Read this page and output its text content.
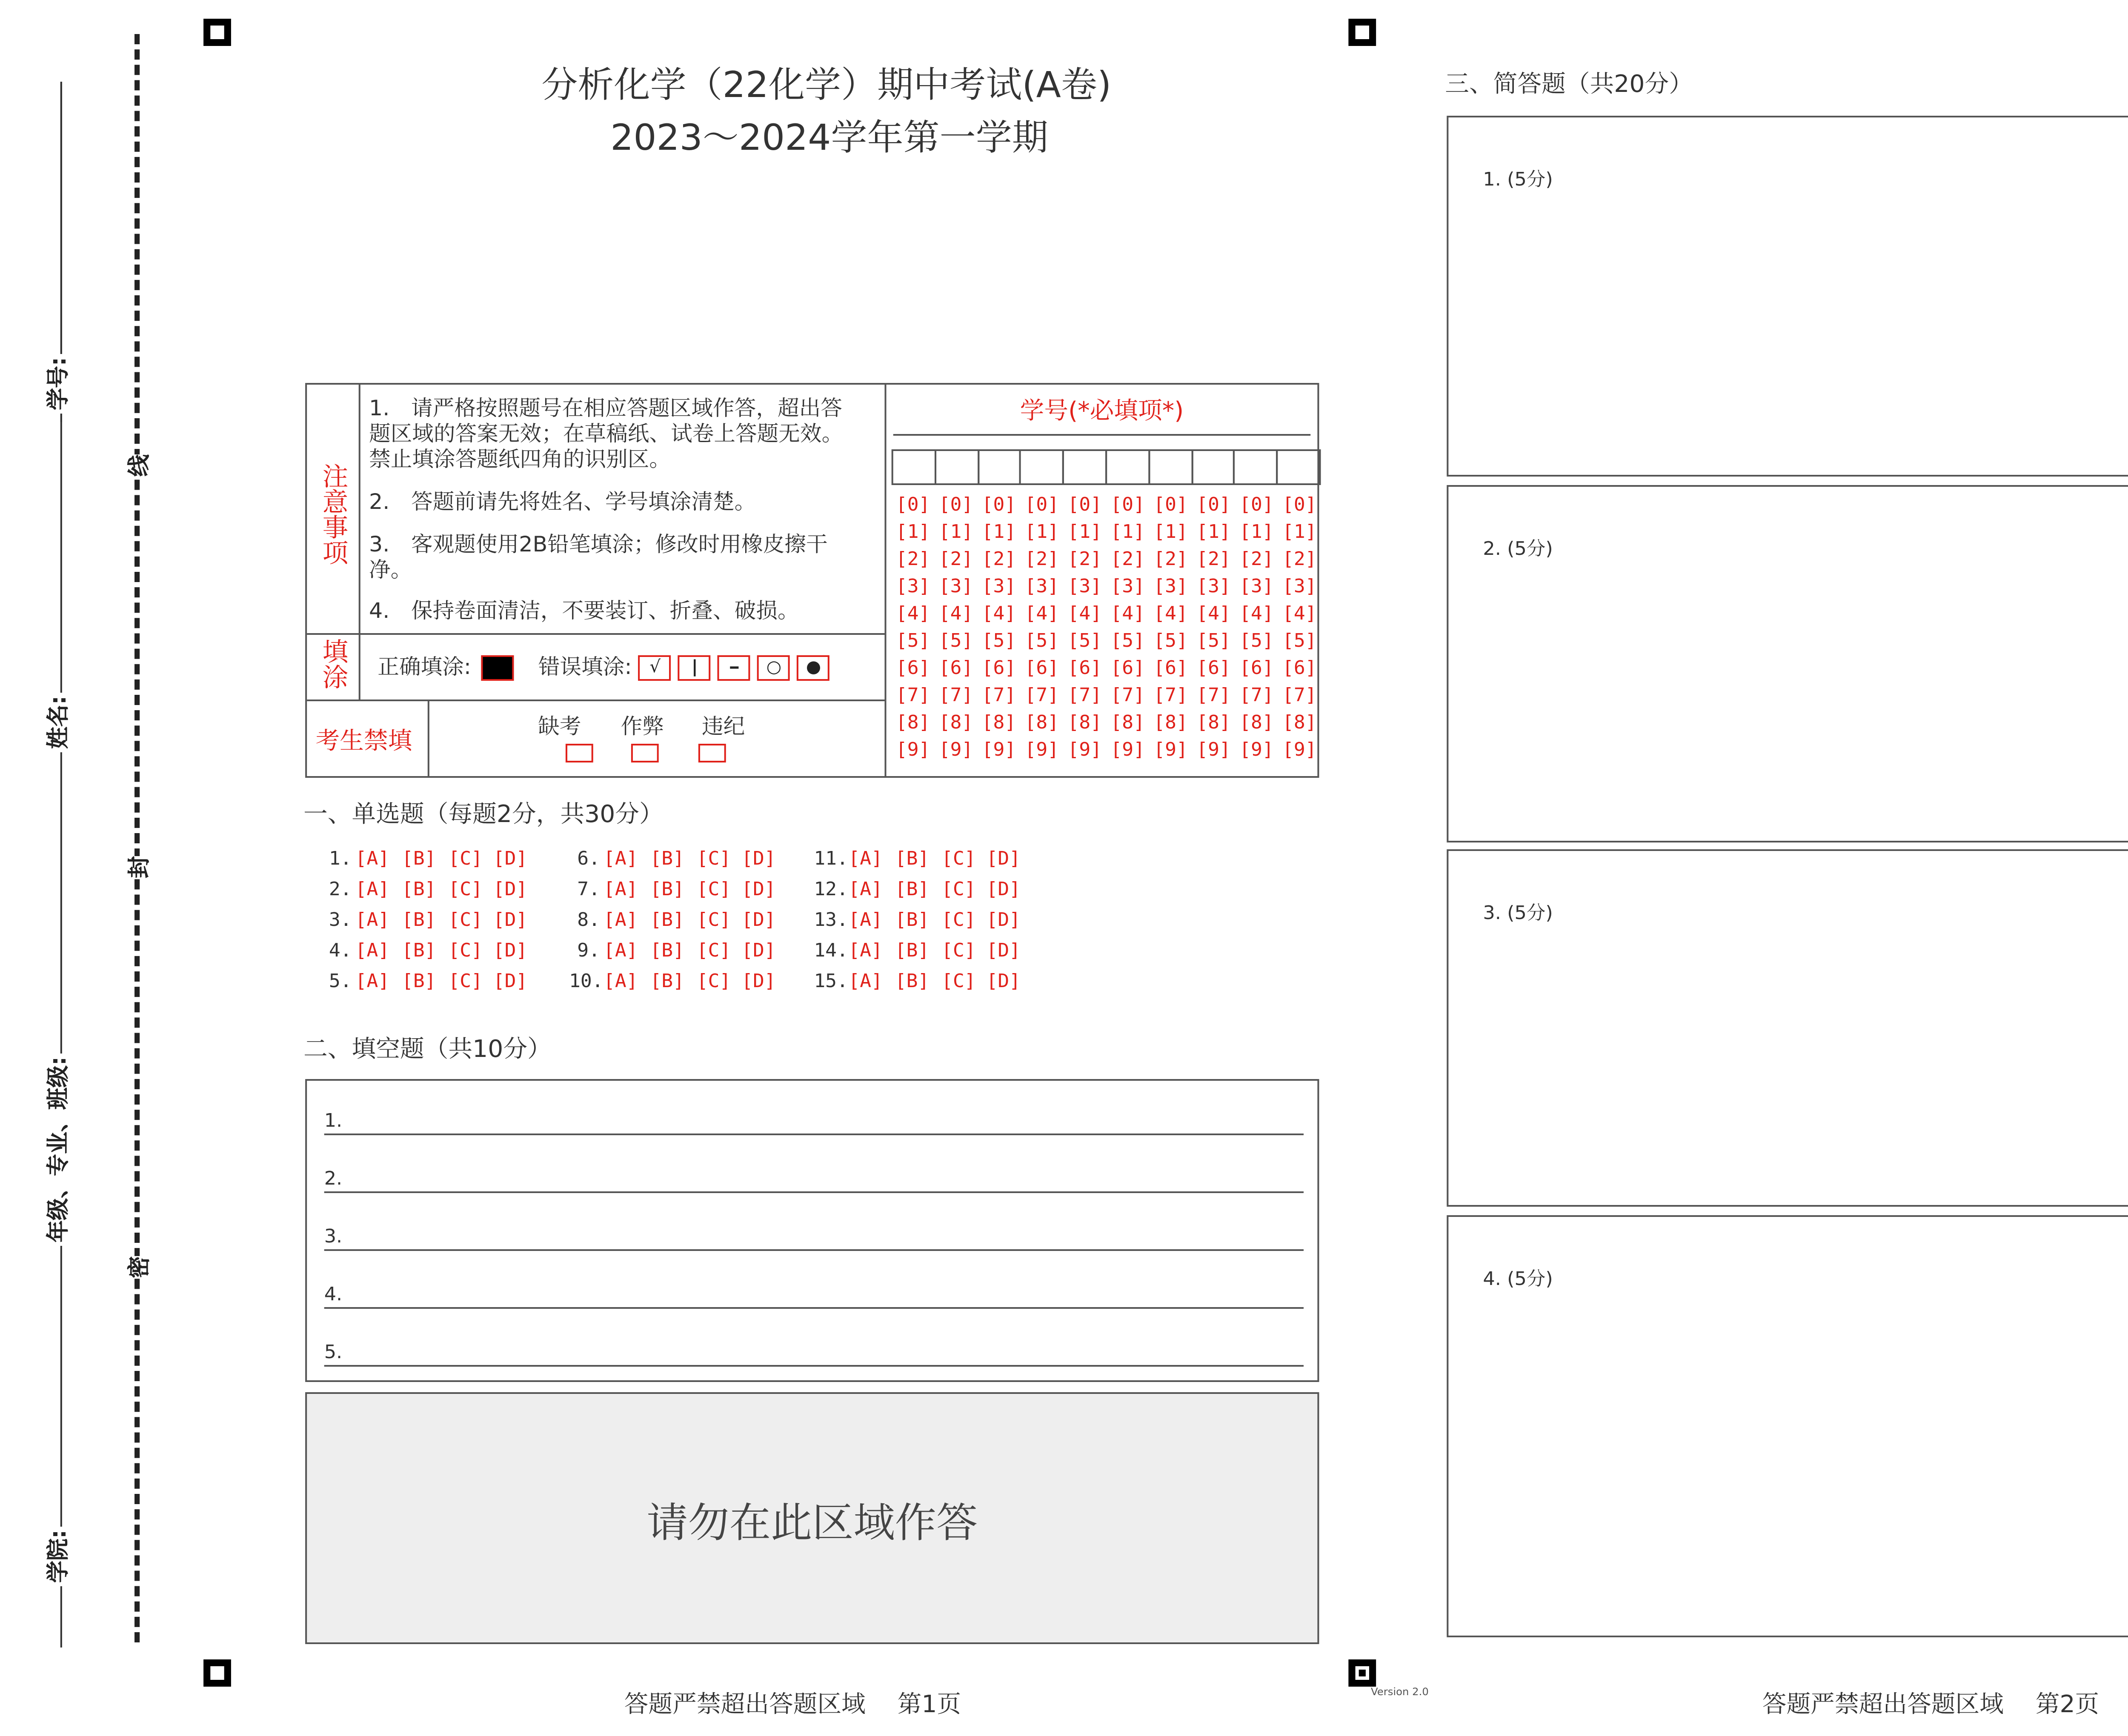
学号:
姓名:
年级、专业、班级:
学院:
线
封
密
分析化学（22化学）期中考试(A卷)
2023～2024学年第一学期
注意事项
1.　请严格按照题号在相应答题区域作答，超出答题区域的答案无效；在草稿纸、试卷上答题无效。禁止填涂答题纸四角的识别区。
2.　答题前请先将姓名、学号填涂清楚。
3.　客观题使用2B铅笔填涂；修改时用橡皮擦干净。
4.　保持卷面清洁，不要装订、折叠、破损。
填涂	正确填涂:	错误填涂:	√	|	━	○	●
考生禁填
缺考	作弊	违纪
学号(*必填项*)
[0]	[0]	[0]	[0]	[0]	[0]	[0]	[0]	[0]	[0]
[1]	[1]	[1]	[1]	[1]	[1]	[1]	[1]	[1]	[1]
[2]	[2]	[2]	[2]	[2]	[2]	[2]	[2]	[2]	[2]
[3]	[3]	[3]	[3]	[3]	[3]	[3]	[3]	[3]	[3]
[4]	[4]	[4]	[4]	[4]	[4]	[4]	[4]	[4]	[4]
[5]	[5]	[5]	[5]	[5]	[5]	[5]	[5]	[5]	[5]
[6]	[6]	[6]	[6]	[6]	[6]	[6]	[6]	[6]	[6]
[7]	[7]	[7]	[7]	[7]	[7]	[7]	[7]	[7]	[7]
[8]	[8]	[8]	[8]	[8]	[8]	[8]	[8]	[8]	[8]
[9]	[9]	[9]	[9]	[9]	[9]	[9]	[9]	[9]	[9]
一、单选题（每题2分，共30分）
1. [A]	[B]	[C] [D]
2. [A]	[B]	[C] [D]
3. [A]	[B]	[C] [D]
4. [A]	[B]	[C] [D]
5. [A]	[B]	[C] [D]
6. [A]	[B]	[C] [D]
7. [A]	[B]	[C] [D]
8. [A]	[B]	[C] [D]
9. [A]	[B]	[C] [D]
10. [A]	[B]	[C] [D]
11. [A]	[B]	[C] [D]
12. [A]	[B]	[C] [D]
13. [A]	[B]	[C] [D]
14. [A]	[B]	[C] [D]
15. [A]	[B]	[C] [D]
二、填空题（共10分）
1.
2.
3.
4.
5.
请勿在此区域作答
答题严禁超出答题区域	第1页	Version 2.0
三、简答题（共20分）
1. (5分)
2. (5分)
3. (5分)
4. (5分)
答题严禁超出答题区域	第2页
